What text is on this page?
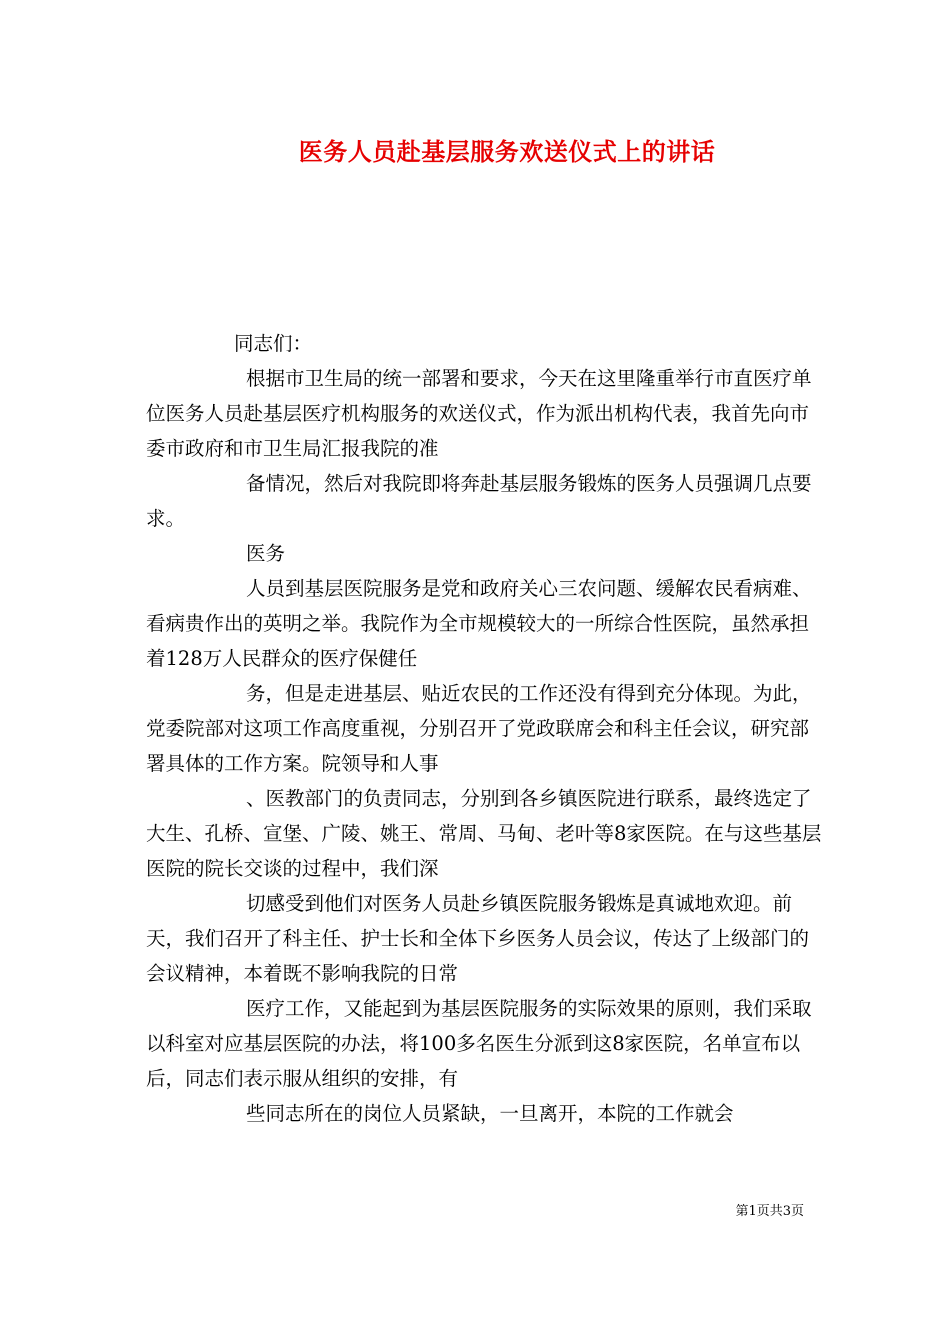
医务人员赴基层服务欢送仪式上的讲话

同志们：

根据市卫生局的统一部署和要求，今天在这里隆重举行市直医疗单位医务人员赴基层医疗机构服务的欢送仪式，作为派出机构代表，我首先向市委市政府和市卫生局汇报我院的准

备情况，然后对我院即将奔赴基层服务锻炼的医务人员强调几点要求。

医务

人员到基层医院服务是党和政府关心三农问题、缓解农民看病难、看病贵作出的英明之举。我院作为全市规模较大的一所综合性医院，虽然承担着128万人民群众的医疗保健任

务，但是走进基层、贴近农民的工作还没有得到充分体现。为此，党委院部对这项工作高度重视，分别召开了党政联席会和科主任会议，研究部署具体的工作方案。院领导和人事

、医教部门的负责同志，分别到各乡镇医院进行联系，最终选定了大生、孔桥、宣堡、广陵、姚王、常周、马甸、老叶等8家医院。在与这些基层医院的院长交谈的过程中，我们深

切感受到他们对医务人员赴乡镇医院服务锻炼是真诚地欢迎。前天，我们召开了科主任、护士长和全体下乡医务人员会议，传达了上级部门的会议精神，本着既不影响我院的日常

医疗工作，又能起到为基层医院服务的实际效果的原则，我们采取以科室对应基层医院的办法，将100多名医生分派到这8家医院，名单宣布以后，同志们表示服从组织的安排，有

些同志所在的岗位人员紧缺，一旦离开，本院的工作就会

第1页共3页
